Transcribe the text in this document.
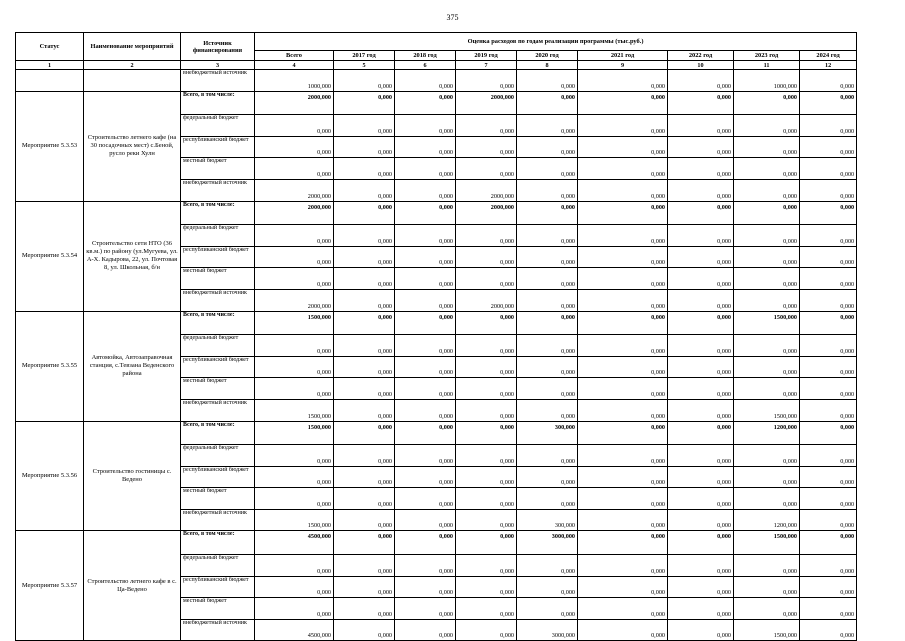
375
Статус	Наименование мероприятий	Источник финансирования	Оценка расходов по годам реализации программы (тыс.руб.)								
			Всего	2017 год	2018 год	2019 год	2020 год	2021 год	2022 год	2023 год	2024 год
1	2	3	4	5	6	7	8	9	10	11	12
		внебюджетный источник	1000,000	0,000	0,000	0,000	0,000	0,000	0,000	1000,000	0,000
Мероприятие 5.3.53	Строительство летнего кафе (на 30 посадочных мест) с.Беной, русло реки Хулн	Всего, в том числе:	2000,000	0,000	0,000	2000,000	0,000	0,000	0,000	0,000	0,000
		федеральный бюджет	0,000	0,000	0,000	0,000	0,000	0,000	0,000	0,000	0,000
		республиканский бюджет	0,000	0,000	0,000	0,000	0,000	0,000	0,000	0,000	0,000
		местный бюджет	0,000	0,000	0,000	0,000	0,000	0,000	0,000	0,000	0,000
		внебюджетный источник	2000,000	0,000	0,000	2000,000	0,000	0,000	0,000	0,000	0,000
Мероприятие 5.3.54	Строительство сети НТО (36 кв.м.) по району (ул.Мугуева, ул. А-Х. Кадырова, 22, ул. Почтовая 8, ул. Школьная, б/н	Всего, в том числе:	2000,000	0,000	0,000	2000,000	0,000	0,000	0,000	0,000	0,000
		федеральный бюджет	0,000	0,000	0,000	0,000	0,000	0,000	0,000	0,000	0,000
		республиканский бюджет	0,000	0,000	0,000	0,000	0,000	0,000	0,000	0,000	0,000
		местный бюджет	0,000	0,000	0,000	0,000	0,000	0,000	0,000	0,000	0,000
		внебюджетный источник	2000,000	0,000	0,000	2000,000	0,000	0,000	0,000	0,000	0,000
Мероприятие 5.3.55	Автомойка, Автозаправочная станция, с.Тевзана Веденского района	Всего, в том числе:	1500,000	0,000	0,000	0,000	0,000	0,000	0,000	1500,000	0,000
		федеральный бюджет	0,000	0,000	0,000	0,000	0,000	0,000	0,000	0,000	0,000
		республиканский бюджет	0,000	0,000	0,000	0,000	0,000	0,000	0,000	0,000	0,000
		местный бюджет	0,000	0,000	0,000	0,000	0,000	0,000	0,000	0,000	0,000
		внебюджетный источник	1500,000	0,000	0,000	0,000	0,000	0,000	0,000	1500,000	0,000
Мероприятие 5.3.56	Строительство гостиницы с. Ведено	Всего, в том числе:	1500,000	0,000	0,000	0,000	300,000	0,000	0,000	1200,000	0,000
		федеральный бюджет	0,000	0,000	0,000	0,000	0,000	0,000	0,000	0,000	0,000
		республиканский бюджет	0,000	0,000	0,000	0,000	0,000	0,000	0,000	0,000	0,000
		местный бюджет	0,000	0,000	0,000	0,000	0,000	0,000	0,000	0,000	0,000
		внебюджетный источник	1500,000	0,000	0,000	0,000	300,000	0,000	0,000	1200,000	0,000
Мероприятие 5.3.57	Строительство летнего кафе в с. Ца-Ведено	Всего, в том числе:	4500,000	0,000	0,000	0,000	3000,000	0,000	0,000	1500,000	0,000
		федеральный бюджет	0,000	0,000	0,000	0,000	0,000	0,000	0,000	0,000	0,000
		республиканский бюджет	0,000	0,000	0,000	0,000	0,000	0,000	0,000	0,000	0,000
		местный бюджет	0,000	0,000	0,000	0,000	0,000	0,000	0,000	0,000	0,000
		внебюджетный источник	4500,000	0,000	0,000	0,000	3000,000	0,000	0,000	1500,000	0,000
